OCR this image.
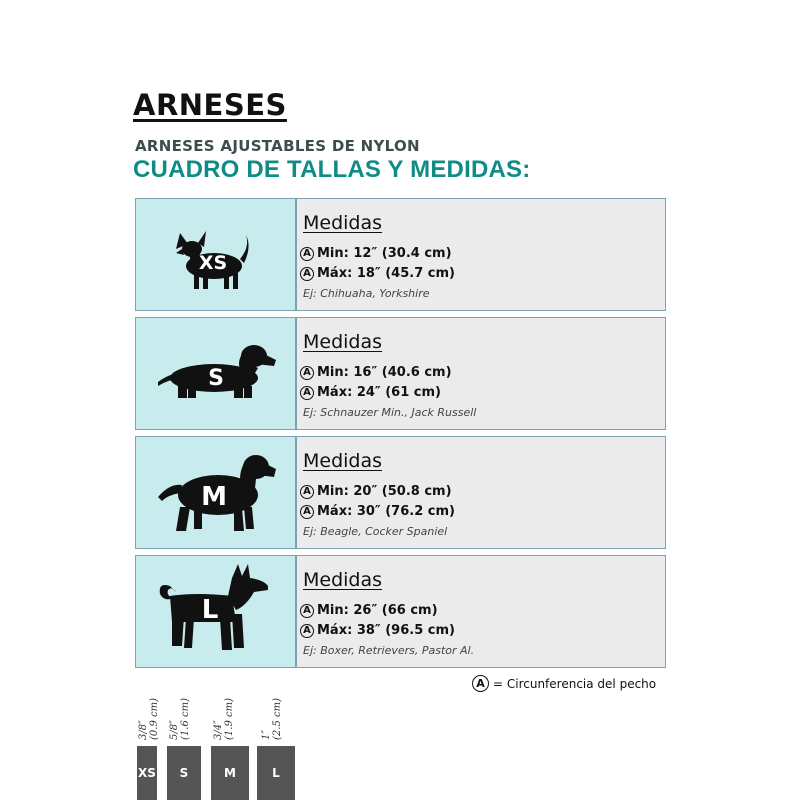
ARNESES
ARNESES AJUSTABLES DE NYLON
CUADRO DE TALLAS Y MEDIDAS:
XS
Medidas
A Min: 12″ (30.4 cm)
A Máx: 18″ (45.7 cm)
Ej: Chihuaha, Yorkshire
S
Medidas
A Min: 16″ (40.6 cm)
A Máx: 24″ (61 cm)
Ej: Schnauzer Min., Jack Russell
M
Medidas
A Min: 20″ (50.8 cm)
A Máx: 30″ (76.2 cm)
Ej: Beagle, Cocker Spaniel
L
Medidas
A Min: 26″ (66 cm)
A Máx: 38″ (96.5 cm)
Ej: Boxer, Retrievers, Pastor Al.
A = Circunferencia del pecho
3/8″ (0.9 cm) 5/8″ (1.6 cm) 3/4″ (1.9 cm)	1″ (2.5 cm)
XS	S	M	L
